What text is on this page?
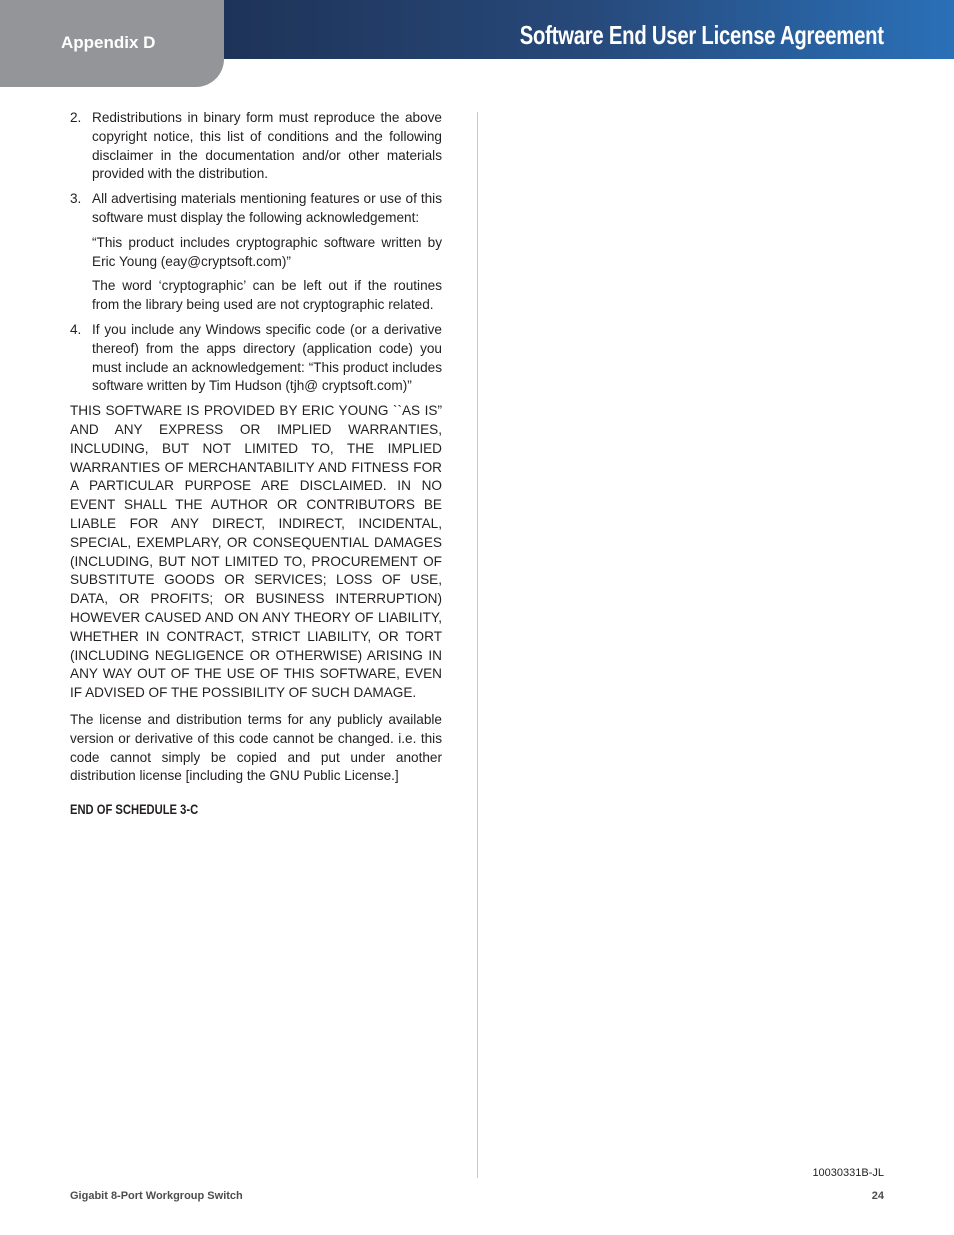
Appendix D	Software End User License Agreement
2. Redistributions in binary form must reproduce the above copyright notice, this list of conditions and the following disclaimer in the documentation and/or other materials provided with the distribution.
3. All advertising materials mentioning features or use of this software must display the following acknowledgement:
“This product includes cryptographic software written by Eric Young (eay@cryptsoft.com)”
The word ‘cryptographic’ can be left out if the routines from the library being used are not cryptographic related.
4. If you include any Windows specific code (or a derivative thereof) from the apps directory (application code) you must include an acknowledgement: “This product includes software written by Tim Hudson (tjh@ cryptsoft.com)”

THIS SOFTWARE IS PROVIDED BY ERIC YOUNG ``AS IS” AND ANY EXPRESS OR IMPLIED WARRANTIES, INCLUDING, BUT NOT LIMITED TO, THE IMPLIED WARRANTIES OF MERCHANTABILITY AND FITNESS FOR A PARTICULAR PURPOSE ARE DISCLAIMED. IN NO EVENT SHALL THE AUTHOR OR CONTRIBUTORS BE LIABLE FOR ANY DIRECT, INDIRECT, INCIDENTAL, SPECIAL, EXEMPLARY, OR CONSEQUENTIAL DAMAGES (INCLUDING, BUT NOT LIMITED TO, PROCUREMENT OF SUBSTITUTE GOODS OR SERVICES; LOSS OF USE, DATA, OR PROFITS; OR BUSINESS INTERRUPTION) HOWEVER CAUSED AND ON ANY THEORY OF LIABILITY, WHETHER IN CONTRACT, STRICT LIABILITY, OR TORT (INCLUDING NEGLIGENCE OR OTHERWISE) ARISING IN ANY WAY OUT OF THE USE OF THIS SOFTWARE, EVEN IF ADVISED OF THE POSSIBILITY OF SUCH DAMAGE.

The license and distribution terms for any publicly available version or derivative of this code cannot be changed. i.e. this code cannot simply be copied and put under another distribution license [including the GNU Public License.]

END OF SCHEDULE 3-C
Gigabit 8-Port Workgroup Switch
10030331B-JL
24
